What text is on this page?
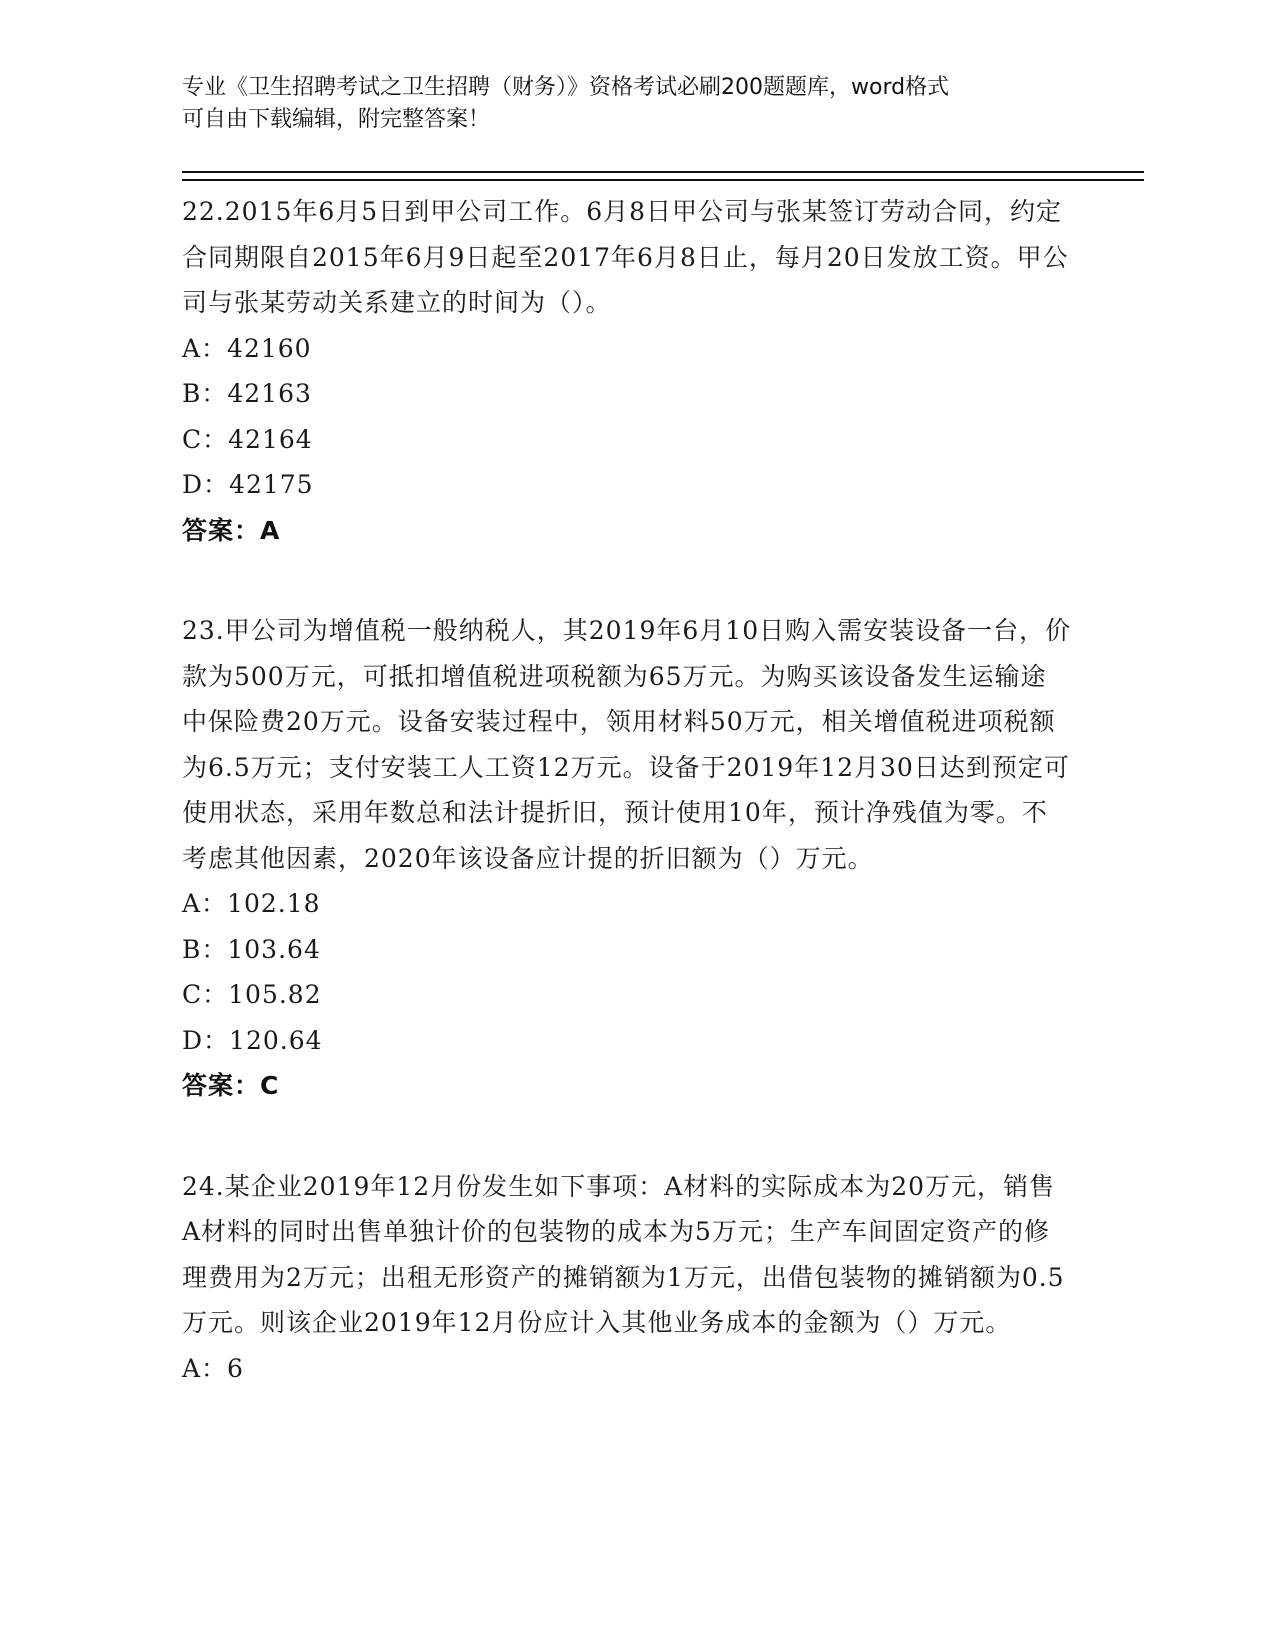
专业《卫生招聘考试之卫生招聘（财务）》资格考试必刷200题题库，word格式
可自由下载编辑，附完整答案！

22.2015年6月5日到甲公司工作。6月8日甲公司与张某签订劳动合同，约定合同期限自2015年6月9日起至2017年6月8日止，每月20日发放工资。甲公司与张某劳动关系建立的时间为（）。

A：42160

B：42163

C：42164

D：42175

答案：A

23.甲公司为增值税一般纳税人，其2019年6月10日购入需安装设备一台，价款为500万元，可抵扣增值税进项税额为65万元。为购买该设备发生运输途中保险费20万元。设备安装过程中，领用材料50万元，相关增值税进项税额为6.5万元；支付安装工人工资12万元。设备于2019年12月30日达到预定可使用状态，采用年数总和法计提折旧，预计使用10年，预计净残值为零。不考虑其他因素，2020年该设备应计提的折旧额为（）万元。

A：102.18

B：103.64

C：105.82

D：120.64

答案：C

24.某企业2019年12月份发生如下事项：A材料的实际成本为20万元，销售A材料的同时出售单独计价的包装物的成本为5万元；生产车间固定资产的修理费用为2万元；出租无形资产的摊销额为1万元，出借包装物的摊销额为0.5万元。则该企业2019年12月份应计入其他业务成本的金额为（）万元。

A：6
